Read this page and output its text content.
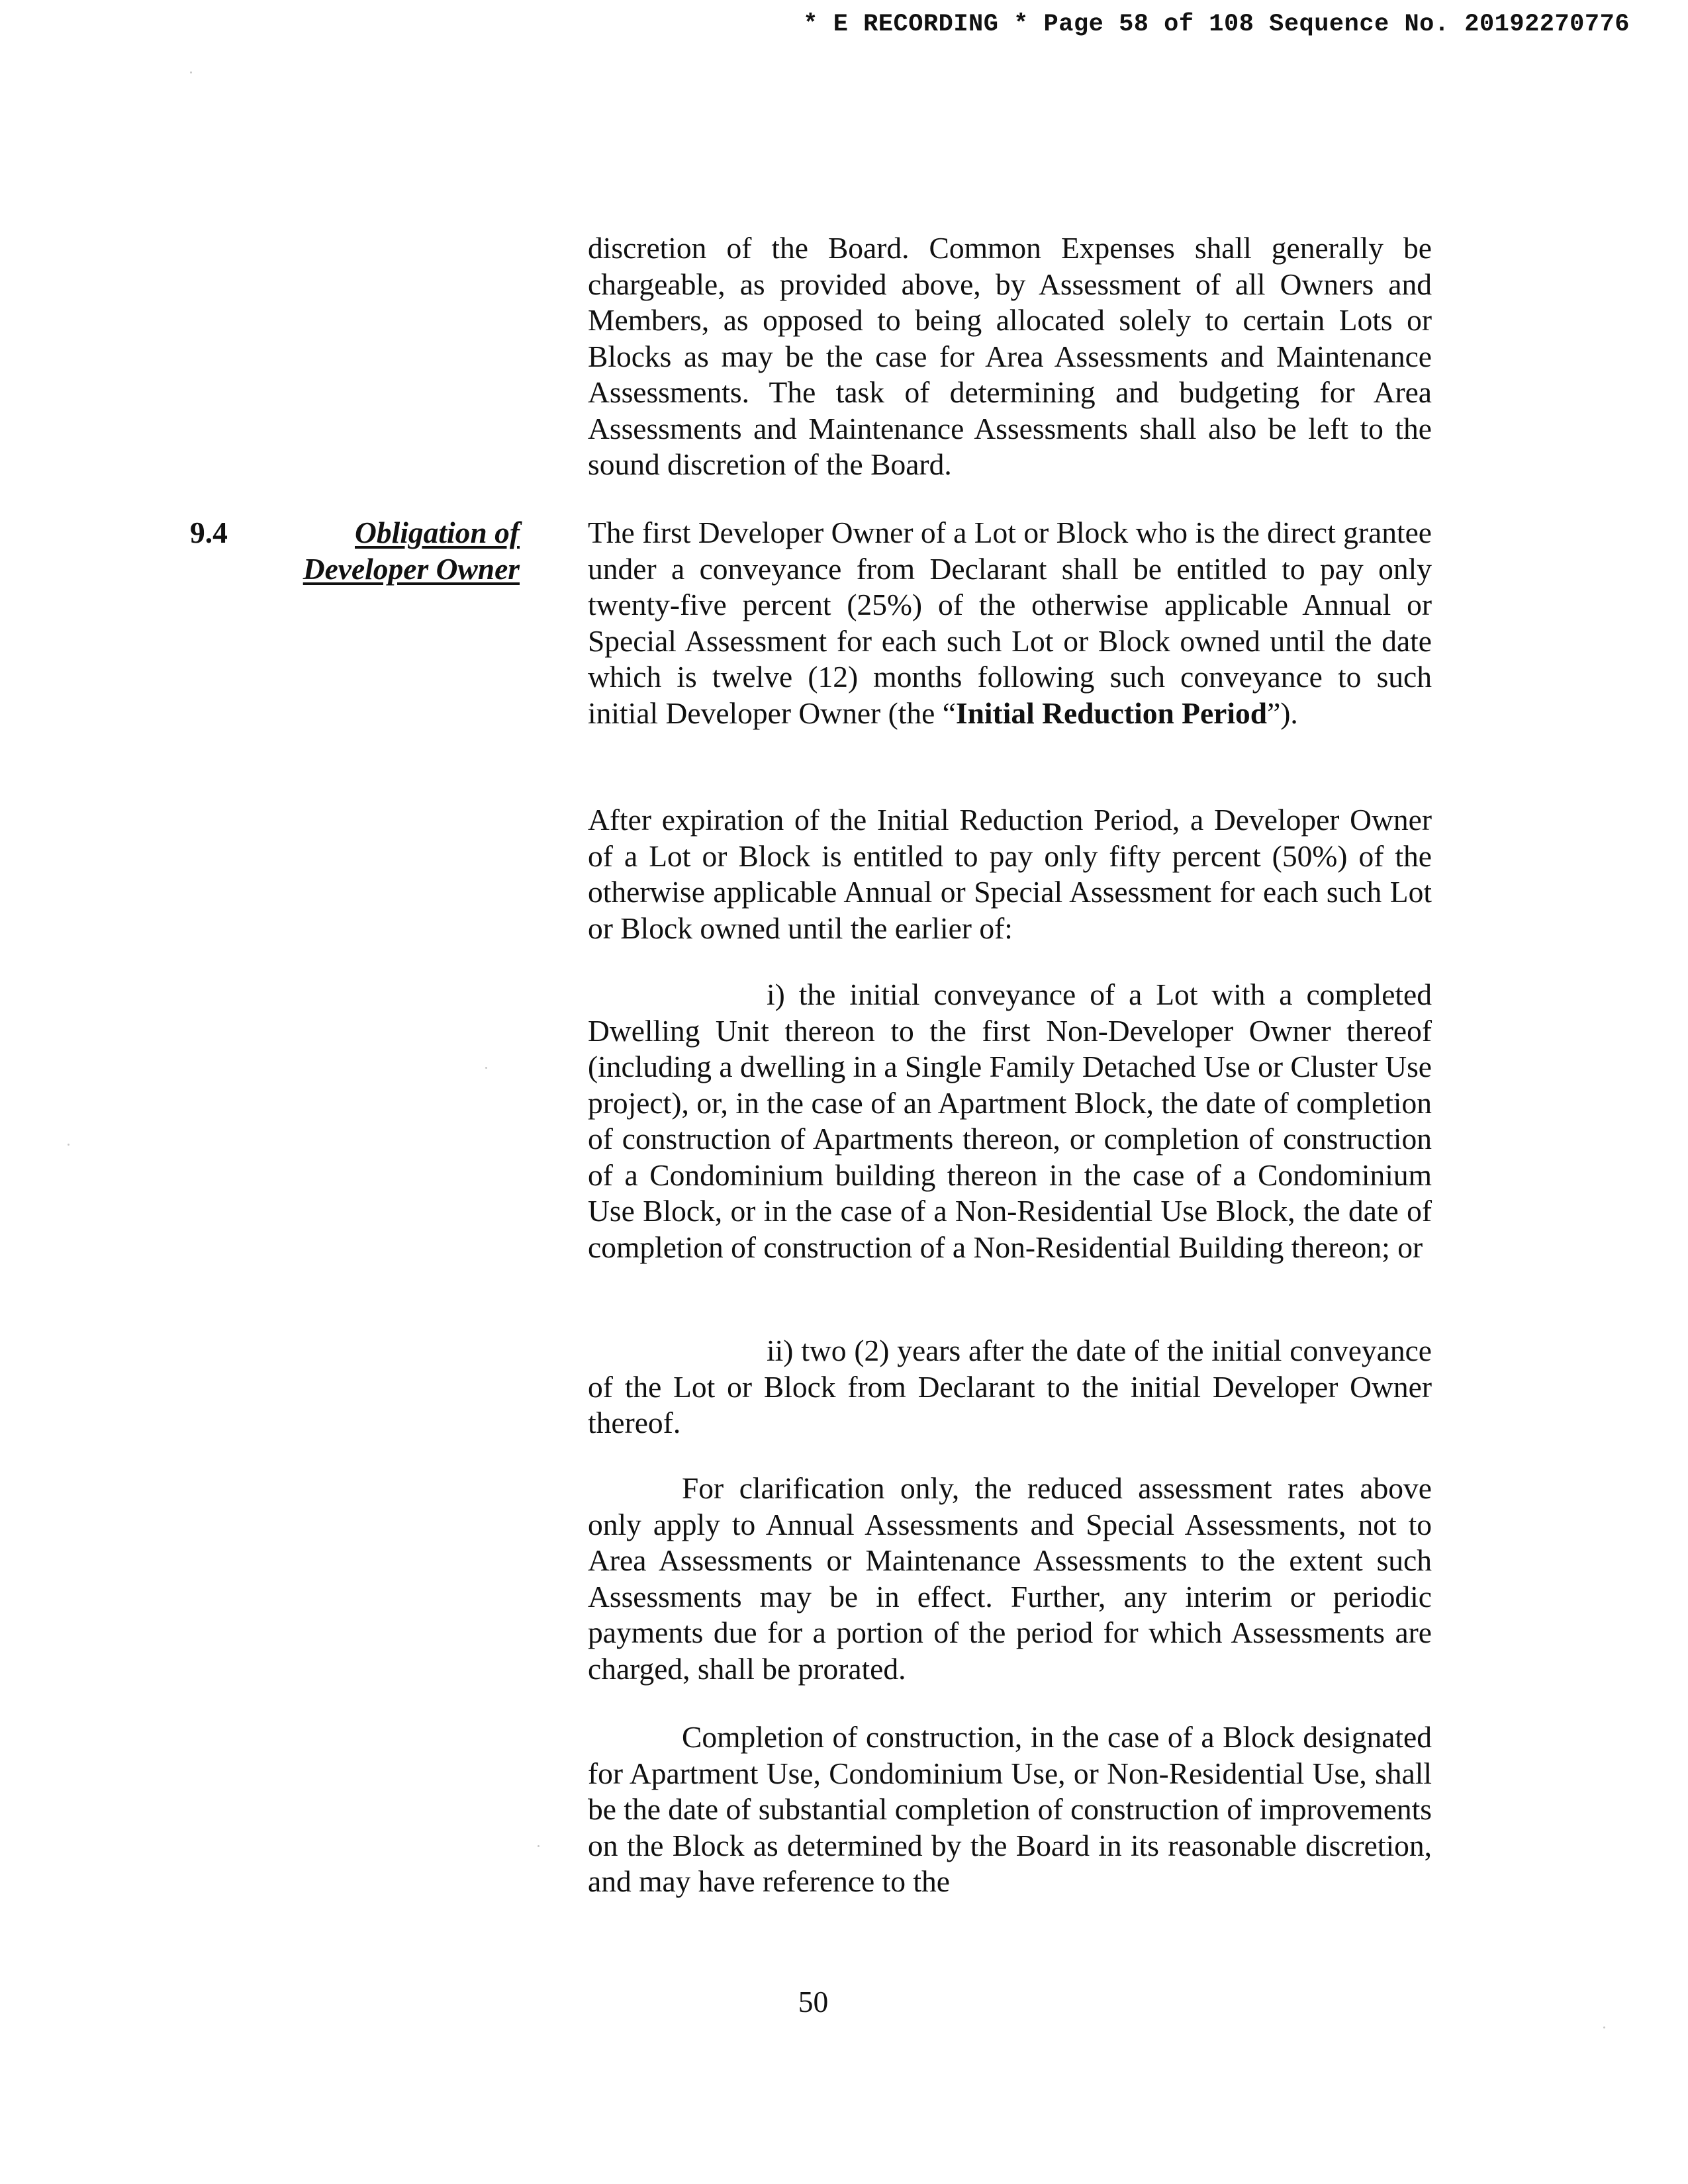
* E RECORDING * Page 58 of 108 Sequence No. 20192270776

discretion of the Board. Common Expenses shall generally be chargeable, as provided above, by Assessment of all Owners and Members, as opposed to being allocated solely to certain Lots or Blocks as may be the case for Area Assessments and Maintenance Assessments. The task of determining and budgeting for Area Assessments and Maintenance Assessments shall also be left to the sound discretion of the Board.

9.4	Obligation of
Developer Owner

The first Developer Owner of a Lot or Block who is the direct grantee under a conveyance from Declarant shall be entitled to pay only twenty-five percent (25%) of the otherwise applicable Annual or Special Assessment for each such Lot or Block owned until the date which is twelve (12) months following such conveyance to such initial Developer Owner (the “Initial Reduction Period”).

After expiration of the Initial Reduction Period, a Developer Owner of a Lot or Block is entitled to pay only fifty percent (50%) of the otherwise applicable Annual or Special Assessment for each such Lot or Block owned until the earlier of:

i) the initial conveyance of a Lot with a completed Dwelling Unit thereon to the first Non-Developer Owner thereof (including a dwelling in a Single Family Detached Use or Cluster Use project), or, in the case of an Apartment Block, the date of completion of construction of Apartments thereon, or completion of construction of a Condominium building thereon in the case of a Condominium Use Block, or in the case of a Non-Residential Use Block, the date of completion of construction of a Non-Residential Building thereon; or

ii) two (2) years after the date of the initial conveyance of the Lot or Block from Declarant to the initial Developer Owner thereof.

For clarification only, the reduced assessment rates above only apply to Annual Assessments and Special Assessments, not to Area Assessments or Maintenance Assessments to the extent such Assessments may be in effect. Further, any interim or periodic payments due for a portion of the period for which Assessments are charged, shall be prorated.

Completion of construction, in the case of a Block designated for Apartment Use, Condominium Use, or Non-Residential Use, shall be the date of substantial completion of construction of improvements on the Block as determined by the Board in its reasonable discretion, and may have reference to the

50
